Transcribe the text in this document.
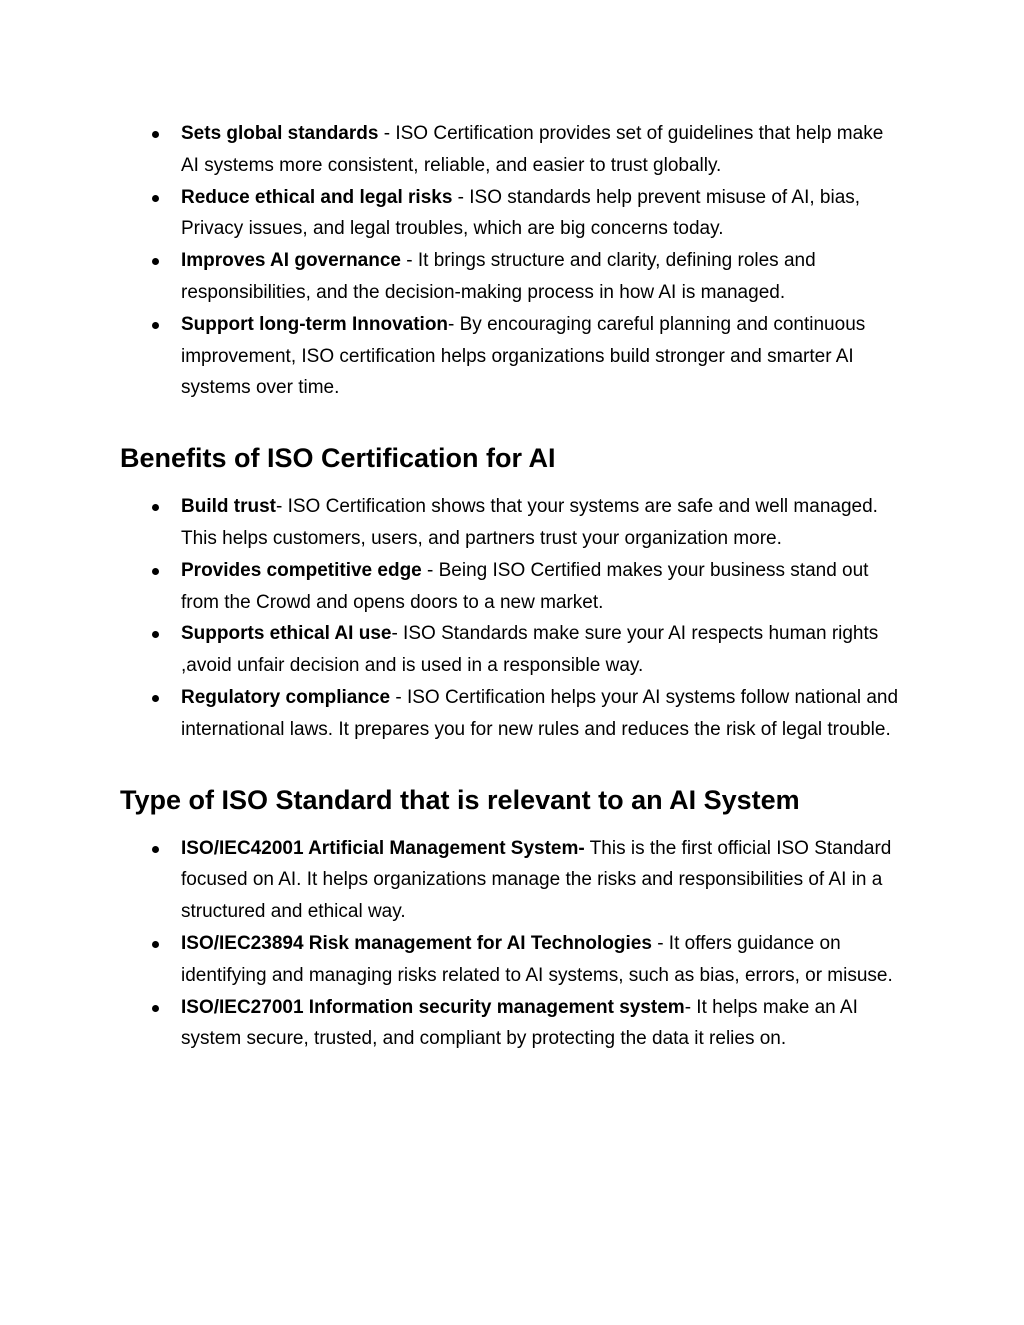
Sets global standards - ISO Certification provides set of guidelines that help make AI systems more consistent, reliable, and easier to trust globally.
Reduce ethical and legal risks - ISO standards help prevent misuse of AI, bias, Privacy issues, and legal troubles, which are big concerns today.
Improves AI governance - It brings structure and clarity, defining roles and responsibilities, and the decision-making process in how AI is managed.
Support long-term Innovation- By encouraging careful planning and continuous improvement, ISO certification helps organizations build stronger and smarter AI systems over time.
Benefits of ISO Certification for AI
Build trust- ISO Certification shows that your systems are safe and well managed. This helps customers, users, and partners trust your organization more.
Provides competitive edge - Being ISO Certified makes your business stand out from the Crowd and opens doors to a new market.
Supports ethical AI use- ISO Standards make sure your AI respects human rights ,avoid unfair decision and is used in a responsible way.
Regulatory compliance - ISO Certification helps your AI systems follow national and international laws. It prepares you for new rules and reduces the risk of legal trouble.
Type of ISO Standard that is relevant to an AI System
ISO/IEC42001 Artificial Management System- This is the first official ISO Standard focused on AI. It helps organizations manage the risks and responsibilities of AI in a structured and ethical way.
ISO/IEC23894 Risk management for AI Technologies - It offers guidance on identifying and managing risks related to AI systems, such as bias, errors, or misuse.
ISO/IEC27001 Information security management system- It helps make an AI system secure, trusted, and compliant by protecting the data it relies on.
